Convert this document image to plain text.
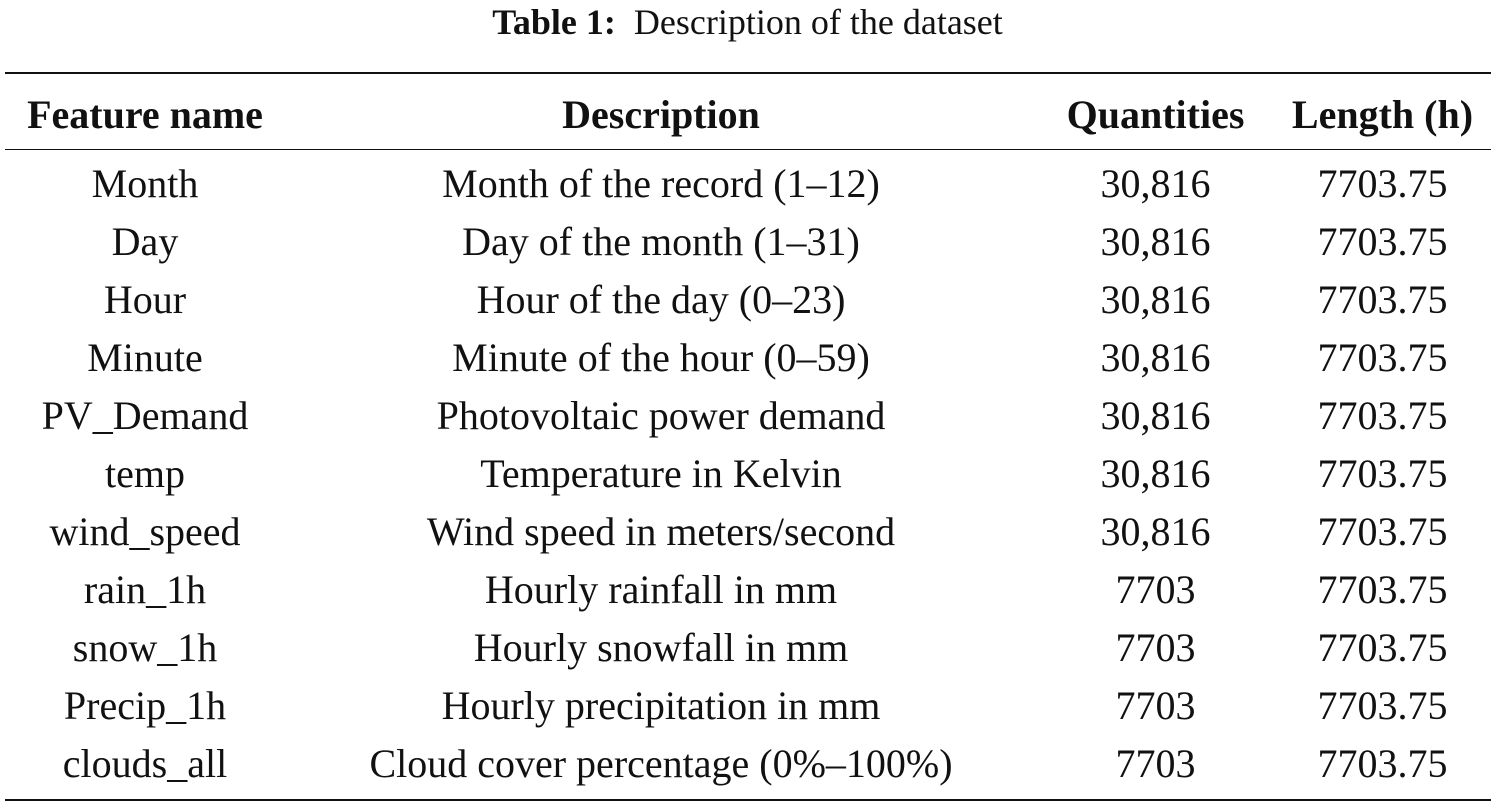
Table 1: Description of the dataset
Feature name	Description	Quantities	Length (h)

Month	Month of the record (1–12)	30,816	7703.75
Day	Day of the month (1–31)	30,816	7703.75
Hour	Hour of the day (0–23)	30,816	7703.75
Minute	Minute of the hour (0–59)	30,816	7703.75
PV_Demand	Photovoltaic power demand	30,816	7703.75
temp	Temperature in Kelvin	30,816	7703.75
wind_speed	Wind speed in meters/second	30,816	7703.75
rain_1h	Hourly rainfall in mm	7703	7703.75
snow_1h	Hourly snowfall in mm	7703	7703.75
Precip_1h	Hourly precipitation in mm	7703	7703.75
clouds_all	Cloud cover percentage (0%–100%)	7703	7703.75
